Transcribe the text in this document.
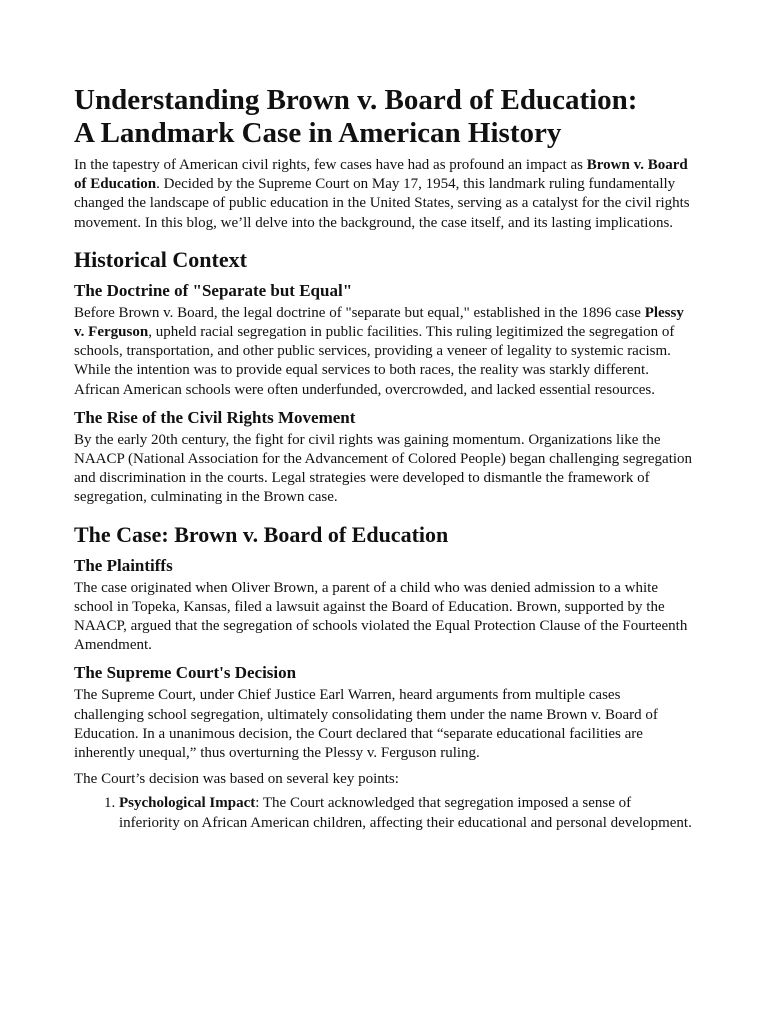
Understanding Brown v. Board of Education:
A Landmark Case in American History

In the tapestry of American civil rights, few cases have had as profound an impact as Brown v. Board of Education. Decided by the Supreme Court on May 17, 1954, this landmark ruling fundamentally changed the landscape of public education in the United States, serving as a catalyst for the civil rights movement. In this blog, we’ll delve into the background, the case itself, and its lasting implications.

Historical Context
The Doctrine of "Separate but Equal"

Before Brown v. Board, the legal doctrine of "separate but equal," established in the 1896 case Plessy v. Ferguson, upheld racial segregation in public facilities. This ruling legitimized the segregation of schools, transportation, and other public services, providing a veneer of legality to systemic racism. While the intention was to provide equal services to both races, the reality was starkly different. African American schools were often underfunded, overcrowded, and lacked essential resources.

The Rise of the Civil Rights Movement

By the early 20th century, the fight for civil rights was gaining momentum. Organizations like the NAACP (National Association for the Advancement of Colored People) began challenging segregation and discrimination in the courts. Legal strategies were developed to dismantle the framework of segregation, culminating in the Brown case.

The Case: Brown v. Board of Education
The Plaintiffs

The case originated when Oliver Brown, a parent of a child who was denied admission to a white school in Topeka, Kansas, filed a lawsuit against the Board of Education. Brown, supported by the NAACP, argued that the segregation of schools violated the Equal Protection Clause of the Fourteenth Amendment.

The Supreme Court's Decision

The Supreme Court, under Chief Justice Earl Warren, heard arguments from multiple cases challenging school segregation, ultimately consolidating them under the name Brown v. Board of Education. In a unanimous decision, the Court declared that “separate educational facilities are inherently unequal,” thus overturning the Plessy v. Ferguson ruling.

The Court’s decision was based on several key points:

1. Psychological Impact: The Court acknowledged that segregation imposed a sense of inferiority on African American children, affecting their educational and personal development.
